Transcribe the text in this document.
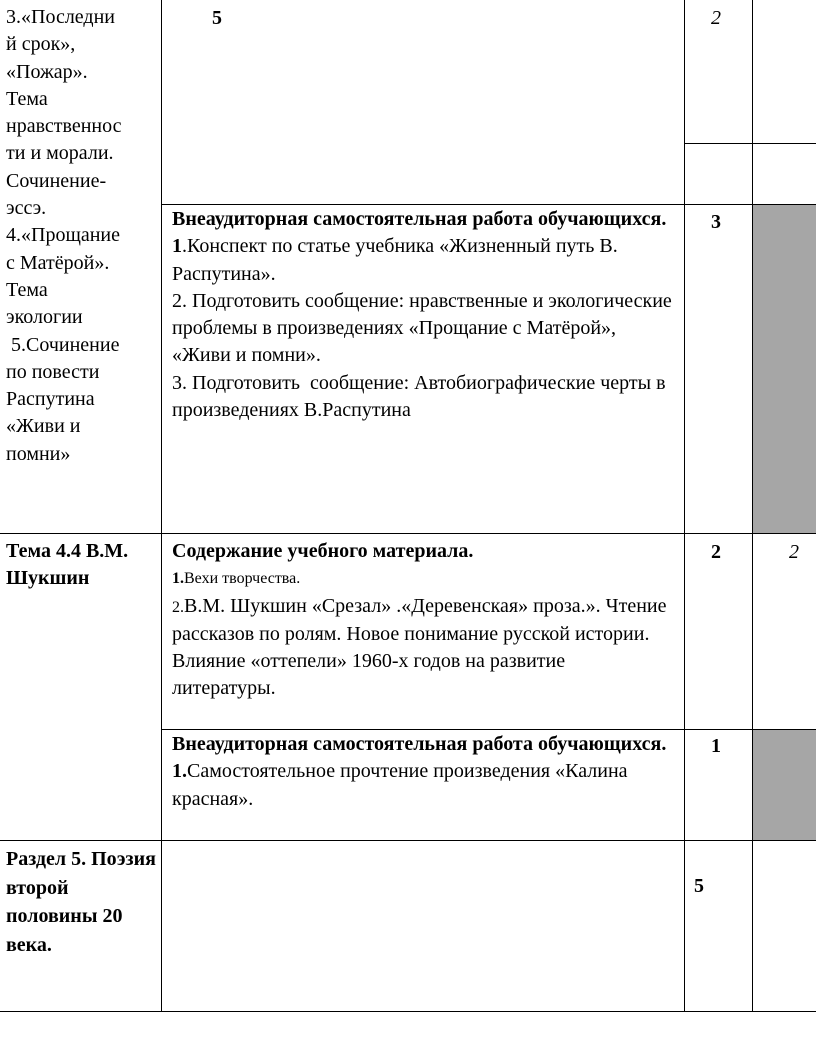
3.«Последни
й срок»,
«Пожар».
Тема
нравственнос
ти и морали.
Сочинение-
эссэ.
4.«Прощание
с Матёрой».
Тема
экологии
5.Сочинение
по повести
Распутина
«Живи и
помни»
5	2
Внеаудиторная самостоятельная работа обучающихся.
1.Конспект по статье учебника «Жизненный путь В. Распутина».
2. Подготовить сообщение: нравственные и экологические проблемы в произведениях «Прощание с Матёрой», «Живи и помни».
3. Подготовить  сообщение: Автобиографические черты в произведениях В.Распутина
3
Тема 4.4 В.М. Шукшин
Содержание учебного материала.
1.Вехи творчества.
2.В.М. Шукшин «Срезал» .«Деревенская» проза.». Чтение рассказов по ролям. Новое понимание русской истории. Влияние «оттепели» 1960-х годов на развитие литературы.
2	2
Внеаудиторная самостоятельная работа обучающихся.
1.Самостоятельное прочтение произведения «Калина красная».
1
Раздел 5. Поэзия второй половины 20 века.
5
